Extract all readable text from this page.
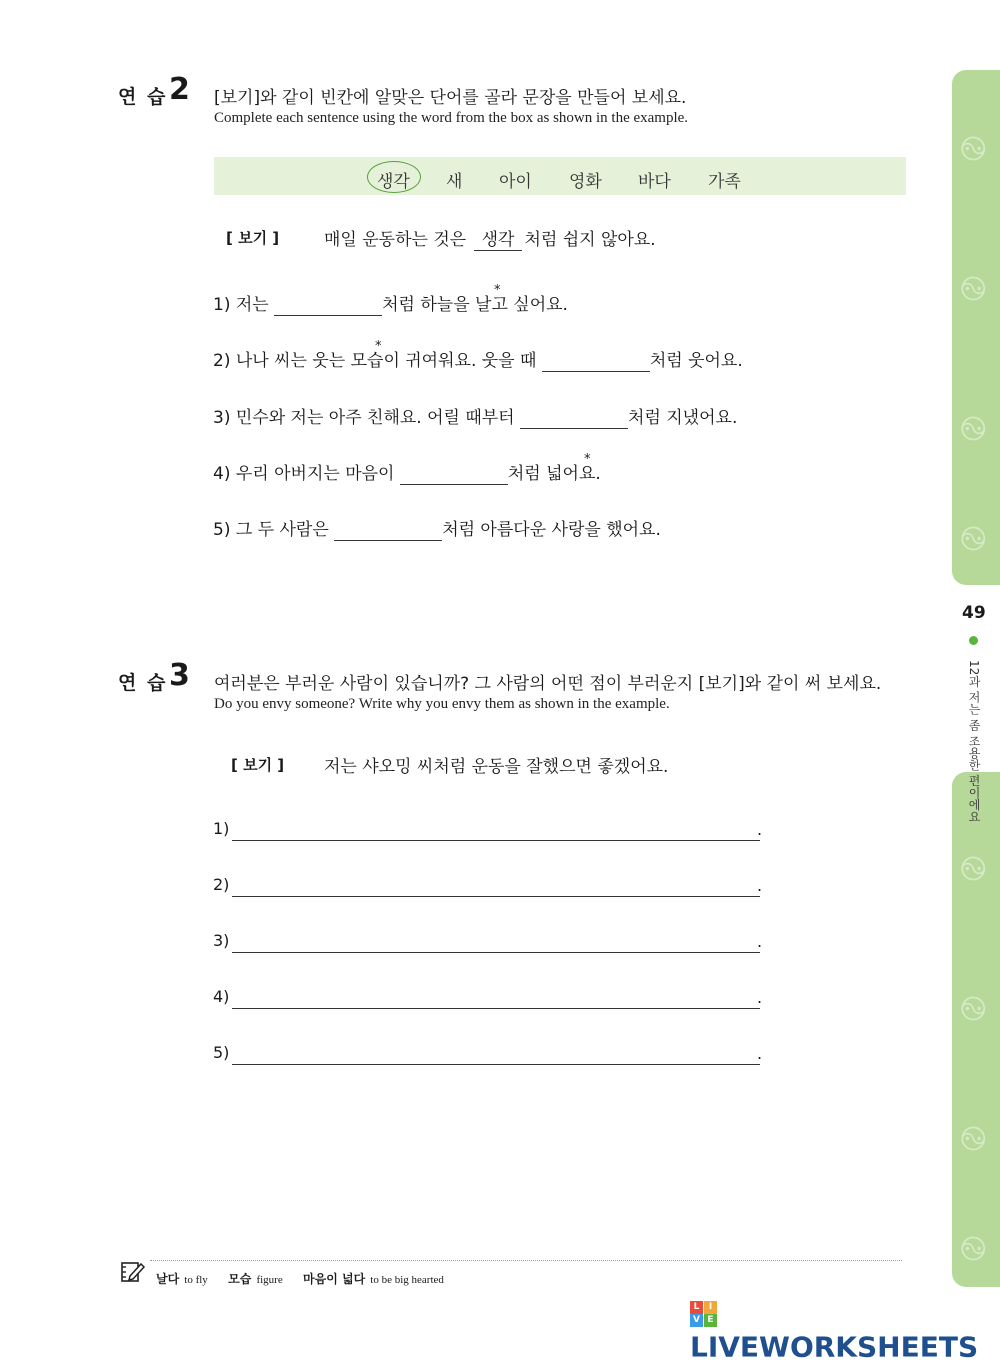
࿊
࿊
࿊
࿊
࿊
࿊
࿊
࿊
49
12과 저는 좀 조용한 편이에요
연 습 2 [보기]와 같이 빈칸에 알맞은 단어를 골라 문장을 만들어 보세요.
Complete each sentence using the word from the box as shown in the example.
생각 새 아이 영화 바다 가족
[ 보기 ]	매일 운동하는 것은 생각 처럼 쉽지 않아요.
1) 저는	처럼 하늘을 날고 싶어요.
2) 나나 씨는 웃는 모습이 귀여워요. 웃을 때	처럼 웃어요.
3) 민수와 저는 아주 친해요. 어릴 때부터	처럼 지냈어요.
4) 우리 아버지는 마음이	처럼 넓어요.
5) 그 두 사람은	처럼 아름다운 사랑을 했어요.
*
*
*
연 습 3 여러분은 부러운 사람이 있습니까? 그 사람의 어떤 점이 부러운지 [보기]와 같이 써 보세요.
Do you envy someone? Write why you envy them as shown in the example.
[ 보기 ] 저는 샤오밍 씨처럼 운동을 잘했으면 좋겠어요.
1)	.
2)	.
3)	.
4)	.
5)	.
날다 to fly 모습 figure 마음이 넓다 to be big hearted
L I
V ELIVEWORKSHEETS
